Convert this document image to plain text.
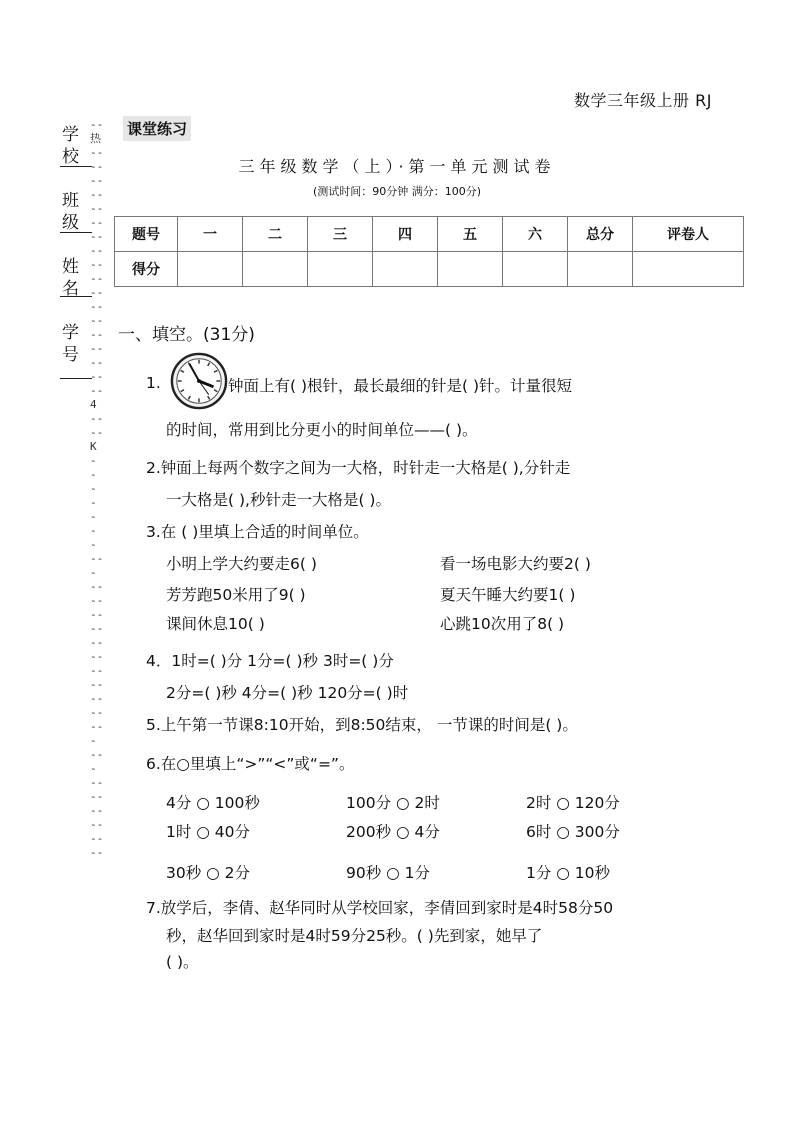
数学三年级上册 RJ
课堂练习
学
校
班
级
姓
名
学
号
--
热
--
--
--
--
--
--
--
--
--
--
--
--
--
--
--
--
--
--
4
--
--
K
-
-
-
-
-
-
-
---
--
--
--
--
--
--
--
--
--
--
---
---
--
--
--
--
--
--
三年级数学（上）·第一单元测试卷
(测试时间：90分钟 满分：100分)
题号	一	二	三	四	五	六	总分	评卷人
得分								
一、填空。(31分)
1.	钟面上有( )根针，最长最细的针是( )针。计量很短
的时间，常用到比分更小的时间单位——( )。
2.钟面上每两个数字之间为一大格，时针走一大格是( ),分针走
一大格是( ),秒针走一大格是( )。
3.在 ( )里填上合适的时间单位。
小明上学大约要走6( )	看一场电影大约要2( )
芳芳跑50米用了9( )	夏天午睡大约要1( )
课间休息10( )	心跳10次用了8( )
4．1时=( )分 1分=( )秒 3时=( )分
2分=( )秒 4分=( )秒 120分=( )时
5.上午第一节课8:10开始，到8:50结束， 一节课的时间是( )。
6.在○里填上“>”“<”或“=”。
4分 ○ 100秒	100分 ○ 2时	2时 ○ 120分
1时 ○ 40分	200秒 ○ 4分	6时 ○ 300分
30秒 ○ 2分	90秒 ○ 1分	1分 ○ 10秒
7.放学后，李倩、赵华同时从学校回家，李倩回到家时是4时58分50
秒，赵华回到家时是4时59分25秒。( )先到家，她早了
( )。
